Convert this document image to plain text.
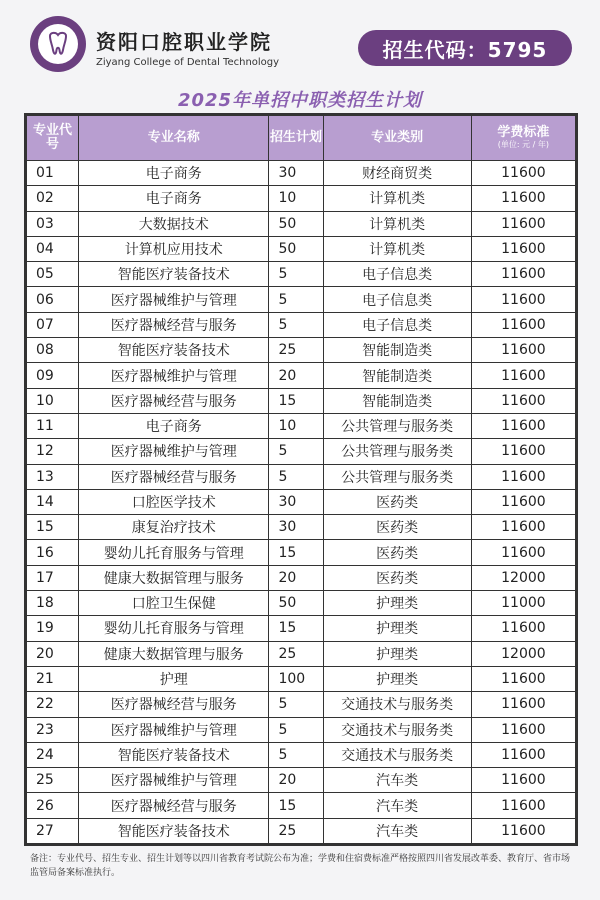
资阳口腔职业学院
Ziyang College of Dental Technology
招生代码：5795
2025年单招中职类招生计划
专业代号	专业名称	招生计划	专业类别	学费标准
(单位: 元 / 年)

01	电子商务	30	财经商贸类	11600
02	电子商务	10	计算机类	11600
03	大数据技术	50	计算机类	11600
04	计算机应用技术	50	计算机类	11600
05	智能医疗装备技术	5	电子信息类	11600
06	医疗器械维护与管理	5	电子信息类	11600
07	医疗器械经营与服务	5	电子信息类	11600
08	智能医疗装备技术	25	智能制造类	11600
09	医疗器械维护与管理	20	智能制造类	11600
10	医疗器械经营与服务	15	智能制造类	11600
11	电子商务	10	公共管理与服务类	11600
12	医疗器械维护与管理	5	公共管理与服务类	11600
13	医疗器械经营与服务	5	公共管理与服务类	11600
14	口腔医学技术	30	医药类	11600
15	康复治疗技术	30	医药类	11600
16	婴幼儿托育服务与管理	15	医药类	11600
17	健康大数据管理与服务	20	医药类	12000
18	口腔卫生保健	50	护理类	11000
19	婴幼儿托育服务与管理	15	护理类	11600
20	健康大数据管理与服务	25	护理类	12000
21	护理	100	护理类	11600
22	医疗器械经营与服务	5	交通技术与服务类	11600
23	医疗器械维护与管理	5	交通技术与服务类	11600
24	智能医疗装备技术	5	交通技术与服务类	11600
25	医疗器械维护与管理	20	汽车类	11600
26	医疗器械经营与服务	15	汽车类	11600
27	智能医疗装备技术	25	汽车类	11600
备注：专业代号、招生专业、招生计划等以四川省教育考试院公布为准；学费和住宿费标准严格按照四川省发展改革委、教育厅、省市场监管局备案标准执行。
